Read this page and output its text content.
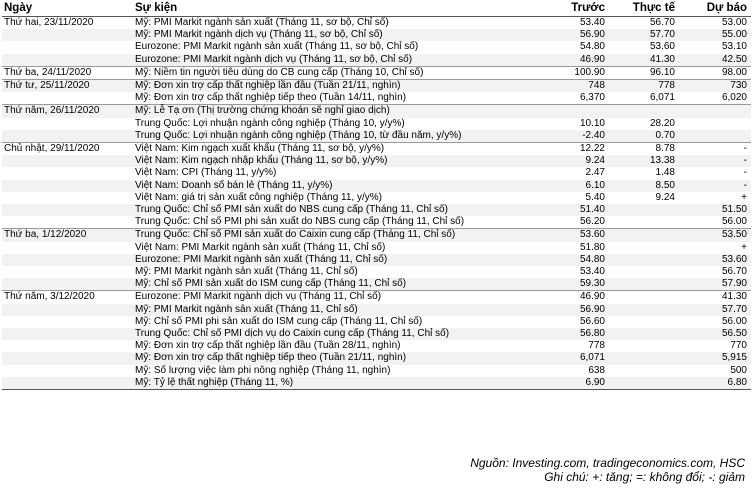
Ngày	Sự kiện	Trước	Thực tế	Dự báo
Thứ hai, 23/11/2020	Mỹ: PMI Markit ngành sản xuất (Tháng 11, sơ bộ, Chỉ số)	53.40	56.70	53.00
	Mỹ: PMI Markit ngành dịch vụ (Tháng 11, sơ bộ, Chỉ số)	56.90	57.70	55.00
	Eurozone: PMI Markit ngành sản xuất (Tháng 11, sơ bộ, Chỉ số)	54.80	53.60	53.10
	Eurozone: PMI Markit ngành dịch vụ (Tháng 11, sơ bộ, Chỉ số)	46.90	41.30	42.50
Thứ ba, 24/11/2020	Mỹ: Niềm tin người tiêu dùng do CB cung cấp (Tháng 10, Chỉ số)	100.90	96.10	98.00
Thứ tư, 25/11/2020	Mỹ: Đơn xin trợ cấp thất nghiệp lần đầu (Tuần 21/11, nghìn)	748	778	730
	Mỹ: Đơn xin trợ cấp thất nghiệp tiếp theo (Tuần 14/11, nghìn)	6,370	6,071	6,020
Thứ năm, 26/11/2020	Mỹ: Lễ Tạ ơn (Thị trường chứng khoán sẽ nghỉ giao dịch)			
	Trung Quốc: Lợi nhuận ngành công nghiệp (Tháng 10, y/y%)	10.10	28.20	
	Trung Quốc: Lợi nhuận ngành công nghiệp (Tháng 10, từ đầu năm, y/y%)	-2.40	0.70	
Chủ nhật, 29/11/2020	Việt Nam: Kim ngạch xuất khẩu (Tháng 11, sơ bộ, y/y%)	12.22	8.78	-
	Việt Nam: Kim ngạch nhập khẩu (Tháng 11, sơ bộ, y/y%)	9.24	13.38	-
	Việt Nam: CPI (Tháng 11, y/y%)	2.47	1.48	-
	Việt Nam: Doanh số bán lẻ (Tháng 11, y/y%)	6.10	8.50	-
	Việt Nam: giá trị sản xuất công nghiệp (Tháng 11, y/y%)	5.40	9.24	+
	Trung Quốc: Chỉ số PMI sản xuất do NBS cung cấp (Tháng 11, Chỉ số)	51.40		51.50
	Trung Quốc: Chỉ số PMI phi sản xuất do NBS cung cấp (Tháng 11, Chỉ số)	56.20		56.00
Thứ ba, 1/12/2020	Trung Quốc: Chỉ số PMI sản xuất do Caixin cung cấp (Tháng 11, Chỉ số)	53.60		53.50
	Việt Nam: PMI Markit ngành sản xuất (Tháng 11, Chỉ số)	51.80		+
	Eurozone: PMI Markit ngành sản xuất (Tháng 11, Chỉ số)	54.80		53.60
	Mỹ: PMI Markit ngành sản xuất (Tháng 11, Chỉ số)	53.40		56.70
	Mỹ: Chỉ số PMI sản xuất do ISM cung cấp (Tháng 11, Chỉ số)	59.30		57.90
Thứ năm, 3/12/2020	Eurozone: PMI Markit ngành dịch vụ (Tháng 11, Chỉ số)	46.90		41.30
	Mỹ: PMI Markit ngành sản xuất (Tháng 11, Chỉ số)	56.90		57.70
	Mỹ: Chỉ số PMI phi sản xuất do ISM cung cấp (Tháng 11, Chỉ số)	56.60		56.00
	Trung Quốc: Chỉ số PMI dịch vụ do Caixin cung cấp (Tháng 11, Chỉ số)	56.80		56.50
	Mỹ: Đơn xin trợ cấp thất nghiệp lần đầu (Tuần 28/11, nghìn)	778		770
	Mỹ: Đơn xin trợ cấp thất nghiệp tiếp theo (Tuần 21/11, nghìn)	6,071		5,915
	Mỹ: Số lượng việc làm phi nông nghiệp (Tháng 11, nghìn)	638		500
	Mỹ: Tỷ lệ thất nghiệp (Tháng 11, %)	6.90		6.80
Nguồn: Investing.com, tradingeconomics.com, HSC
Ghi chú: +: tăng; =: không đổi; -: giảm
